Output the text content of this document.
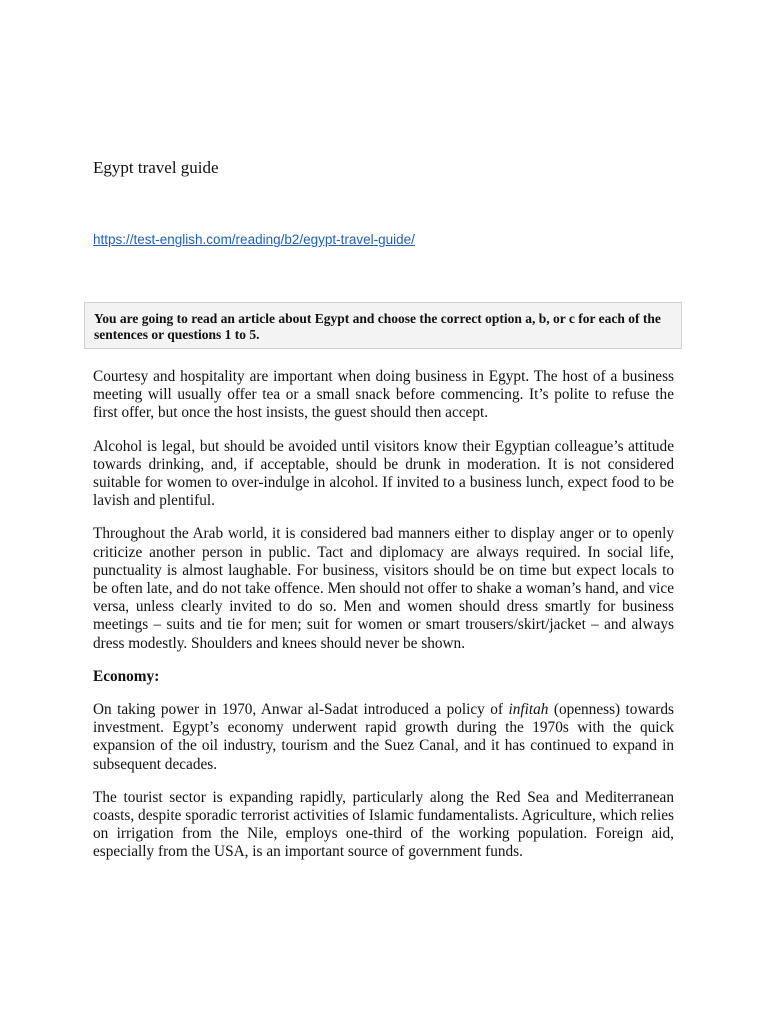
Egypt travel guide
https://test-english.com/reading/b2/egypt-travel-guide/
You are going to read an article about Egypt and choose the correct option a, b, or c for each of the sentences or questions 1 to 5.

Courtesy and hospitality are important when doing business in Egypt. The host of a business meeting will usually offer tea or a small snack before commencing. It’s polite to refuse the first offer, but once the host insists, the guest should then accept.

Alcohol is legal, but should be avoided until visitors know their Egyptian colleague’s attitude towards drinking, and, if acceptable, should be drunk in moderation. It is not considered suitable for women to over-indulge in alcohol. If invited to a business lunch, expect food to be lavish and plentiful.

Throughout the Arab world, it is considered bad manners either to display anger or to openly criticize another person in public. Tact and diplomacy are always required. In social life, punctuality is almost laughable. For business, visitors should be on time but expect locals to be often late, and do not take offence. Men should not offer to shake a woman’s hand, and vice versa, unless clearly invited to do so. Men and women should dress smartly for business meetings – suits and tie for men; suit for women or smart trousers/skirt/jacket – and always dress modestly. Shoulders and knees should never be shown.

Economy:

On taking power in 1970, Anwar al-Sadat introduced a policy of infitah (openness) towards investment. Egypt’s economy underwent rapid growth during the 1970s with the quick expansion of the oil industry, tourism and the Suez Canal, and it has continued to expand in subsequent decades.

The tourist sector is expanding rapidly, particularly along the Red Sea and Mediterranean coasts, despite sporadic terrorist activities of Islamic fundamentalists. Agriculture, which relies on irrigation from the Nile, employs one-third of the working population. Foreign aid, especially from the USA, is an important source of government funds.
